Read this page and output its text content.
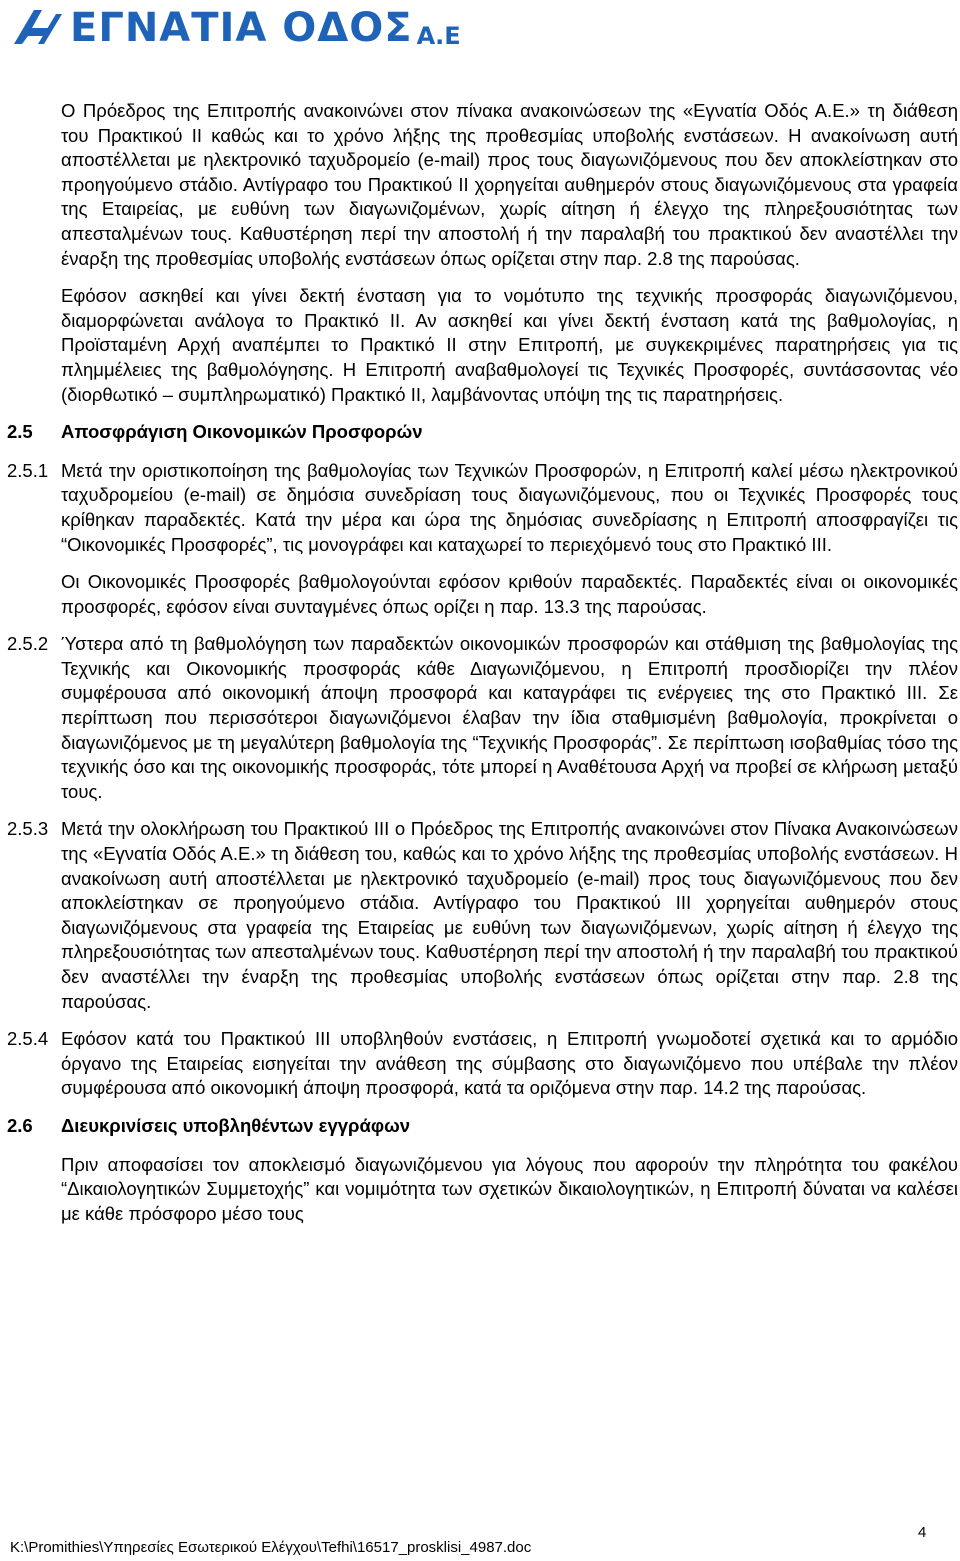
ΕΓΝΑΤΙΑ ΟΔΟΣ Α.Ε

Ο Πρόεδρος της Επιτροπής ανακοινώνει στον πίνακα ανακοινώσεων της «Εγνατία Οδός Α.Ε.» τη διάθεση του Πρακτικού ΙΙ καθώς και το χρόνο λήξης της προθεσμίας υποβολής ενστάσεων. Η ανακοίνωση αυτή αποστέλλεται με ηλεκτρονικό ταχυδρομείο (e-mail) προς τους διαγωνιζόμενους που δεν αποκλείστηκαν στο προηγούμενο στάδιο. Αντίγραφο του Πρακτικού ΙΙ χορηγείται αυθημερόν στους διαγωνιζόμενους στα γραφεία της Εταιρείας, με ευθύνη των διαγωνιζομένων, χωρίς αίτηση ή έλεγχο της πληρεξουσιότητας των απεσταλμένων τους. Καθυστέρηση περί την αποστολή ή την παραλαβή του πρακτικού δεν αναστέλλει την έναρξη της προθεσμίας υποβολής ενστάσεων όπως ορίζεται στην παρ. 2.8 της παρούσας.

Εφόσον ασκηθεί και γίνει δεκτή ένσταση για το νομότυπο της τεχνικής προσφοράς διαγωνιζόμενου, διαμορφώνεται ανάλογα το Πρακτικό ΙΙ. Αν ασκηθεί και γίνει δεκτή ένσταση κατά της βαθμολογίας, η Προϊσταμένη Αρχή αναπέμπει το Πρακτικό ΙΙ στην Επιτροπή, με συγκεκριμένες παρατηρήσεις για τις πλημμέλειες της βαθμολόγησης. Η Επιτροπή αναβαθμολογεί τις Τεχνικές Προσφορές, συντάσσοντας νέο (διορθωτικό – συμπληρωματικό) Πρακτικό ΙΙ, λαμβάνοντας υπόψη της τις παρατηρήσεις.

2.5 Αποσφράγιση Οικονομικών Προσφορών

2.5.1 Μετά την οριστικοποίηση της βαθμολογίας των Τεχνικών Προσφορών, η Επιτροπή καλεί μέσω ηλεκτρονικού ταχυδρομείου (e-mail) σε δημόσια συνεδρίαση τους διαγωνιζόμενους, που οι Τεχνικές Προσφορές τους κρίθηκαν παραδεκτές. Κατά την μέρα και ώρα της δημόσιας συνεδρίασης η Επιτροπή αποσφραγίζει τις “Οικονομικές Προσφορές”, τις μονογράφει και καταχωρεί το περιεχόμενό τους στο Πρακτικό ΙΙΙ.

Οι Οικονομικές Προσφορές βαθμολογούνται εφόσον κριθούν παραδεκτές. Παραδεκτές είναι οι οικονομικές προσφορές, εφόσον είναι συνταγμένες όπως ορίζει η παρ. 13.3 της παρούσας.

2.5.2 Ύστερα από τη βαθμολόγηση των παραδεκτών οικονομικών προσφορών και στάθμιση της βαθμολογίας της Τεχνικής και Οικονομικής προσφοράς κάθε Διαγωνιζόμενου, η Επιτροπή προσδιορίζει την πλέον συμφέρουσα από οικονομική άποψη προσφορά και καταγράφει τις ενέργειες της στο Πρακτικό ΙΙΙ. Σε περίπτωση που περισσότεροι διαγωνιζόμενοι έλαβαν την ίδια σταθμισμένη βαθμολογία, προκρίνεται ο διαγωνιζόμενος με τη μεγαλύτερη βαθμολογία της “Τεχνικής Προσφοράς”. Σε περίπτωση ισοβαθμίας τόσο της τεχνικής όσο και της οικονομικής προσφοράς, τότε μπορεί η Αναθέτουσα Αρχή να προβεί σε κλήρωση μεταξύ τους.

2.5.3 Μετά την ολοκλήρωση του Πρακτικού ΙΙΙ ο Πρόεδρος της Επιτροπής ανακοινώνει στον Πίνακα Ανακοινώσεων της «Εγνατία Οδός Α.Ε.» τη διάθεση του, καθώς και το χρόνο λήξης της προθεσμίας υποβολής ενστάσεων. Η ανακοίνωση αυτή αποστέλλεται με ηλεκτρονικό ταχυδρομείο (e-mail) προς τους διαγωνιζόμενους που δεν αποκλείστηκαν σε προηγούμενο στάδια. Αντίγραφο του Πρακτικού ΙΙΙ χορηγείται αυθημερόν στους διαγωνιζόμενους στα γραφεία της Εταιρείας με ευθύνη των διαγωνιζόμενων, χωρίς αίτηση ή έλεγχο της πληρεξουσιότητας των απεσταλμένων τους. Καθυστέρηση περί την αποστολή ή την παραλαβή του πρακτικού δεν αναστέλλει την έναρξη της προθεσμίας υποβολής ενστάσεων όπως ορίζεται στην παρ. 2.8 της παρούσας.

2.5.4 Εφόσον κατά του Πρακτικού ΙΙΙ υποβληθούν ενστάσεις, η Επιτροπή γνωμοδοτεί σχετικά και το αρμόδιο όργανο της Εταιρείας εισηγείται την ανάθεση της σύμβασης στο διαγωνιζόμενο που υπέβαλε την πλέον συμφέρουσα από οικονομική άποψη προσφορά, κατά τα οριζόμενα στην παρ. 14.2 της παρούσας.

2.6 Διευκρινίσεις υποβληθέντων εγγράφων

Πριν αποφασίσει τον αποκλεισμό διαγωνιζόμενου για λόγους που αφορούν την πληρότητα του φακέλου “Δικαιολογητικών Συμμετοχής” και νομιμότητα των σχετικών δικαιολογητικών, η Επιτροπή δύναται να καλέσει με κάθε πρόσφορο μέσο τους

K:\Promithies\Υπηρεσίες Εσωτερικού Ελέγχου\Tefhi\16517_prosklisi_4987.doc
4
